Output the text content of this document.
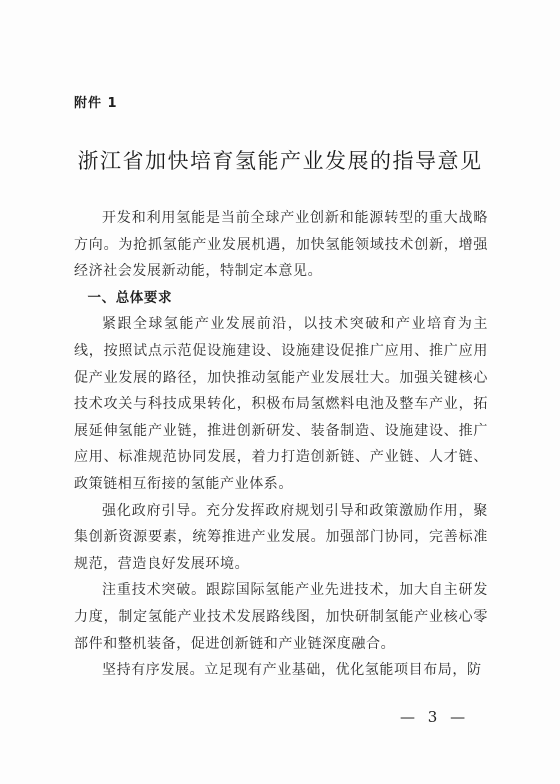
附件 1
浙江省加快培育氢能产业发展的指导意见

开发和利用氢能是当前全球产业创新和能源转型的重大战略方向。为抢抓氢能产业发展机遇，加快氢能领域技术创新，增强经济社会发展新动能，特制定本意见。

一、总体要求

紧跟全球氢能产业发展前沿，以技术突破和产业培育为主线，按照试点示范促设施建设、设施建设促推广应用、推广应用促产业发展的路径，加快推动氢能产业发展壮大。加强关键核心技术攻关与科技成果转化，积极布局氢燃料电池及整车产业，拓展延伸氢能产业链，推进创新研发、装备制造、设施建设、推广应用、标准规范协同发展，着力打造创新链、产业链、人才链、政策链相互衔接的氢能产业体系。

强化政府引导。充分发挥政府规划引导和政策激励作用，聚集创新资源要素，统筹推进产业发展。加强部门协同，完善标准规范，营造良好发展环境。

注重技术突破。跟踪国际氢能产业先进技术，加大自主研发力度，制定氢能产业技术发展路线图，加快研制氢能产业核心零部件和整机装备，促进创新链和产业链深度融合。

坚持有序发展。立足现有产业基础，优化氢能项目布局，防

— 3 —
